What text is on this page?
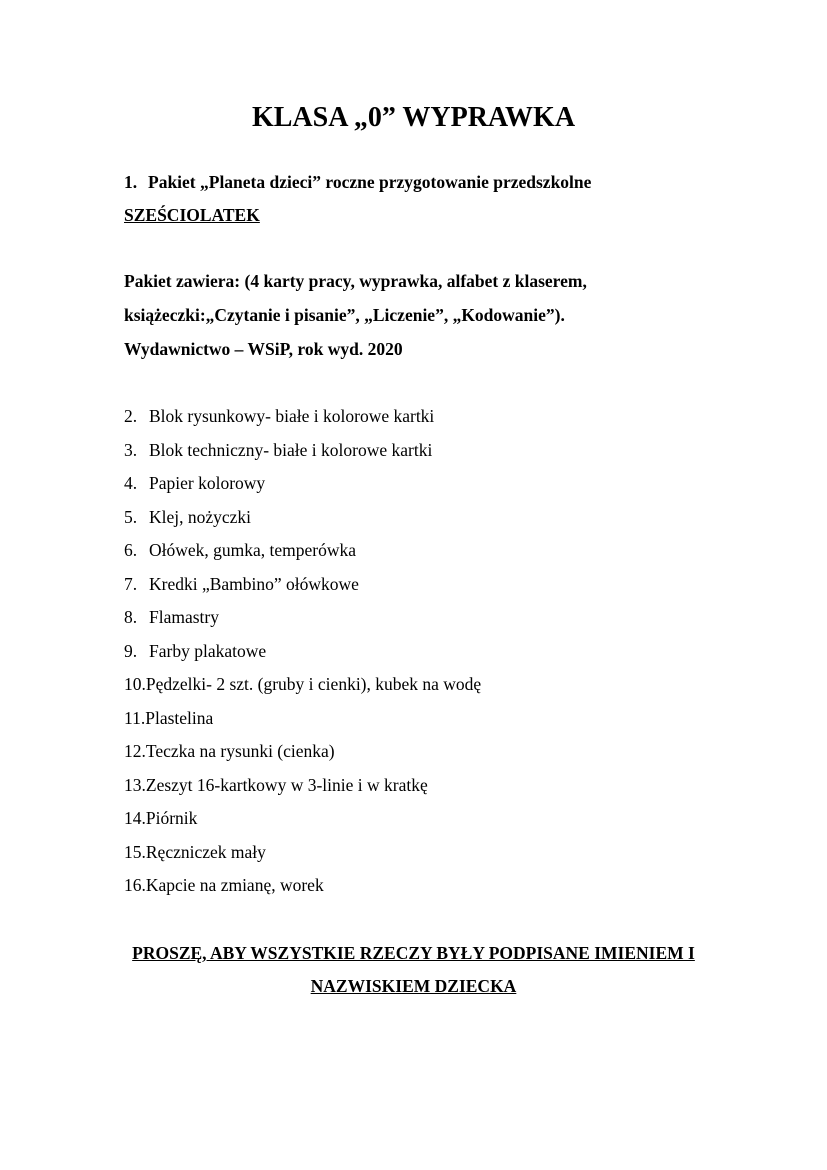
KLASA „0” WYPRAWKA
1. Pakiet „Planeta dzieci” roczne przygotowanie przedszkolne
SZEŚCIOLATEK
Pakiet zawiera: (4 karty pracy, wyprawka, alfabet z klaserem,
książeczki:„Czytanie i pisanie”, „Liczenie”, „Kodowanie”).
Wydawnictwo – WSiP, rok wyd. 2020
2. Blok rysunkowy- białe i kolorowe kartki
3. Blok techniczny- białe i kolorowe kartki
4. Papier kolorowy
5. Klej, nożyczki
6. Ołówek, gumka, temperówka
7. Kredki „Bambino” ołówkowe
8. Flamastry
9. Farby plakatowe
10.Pędzelki- 2 szt. (gruby i cienki), kubek na wodę
11.Plastelina
12.Teczka na rysunki (cienka)
13.Zeszyt 16-kartkowy w 3-linie i w kratkę
14.Piórnik
15.Ręczniczek mały
16.Kapcie na zmianę, worek
PROSZĘ, ABY WSZYSTKIE RZECZY BYŁY PODPISANE IMIENIEM I
NAZWISKIEM DZIECKA
